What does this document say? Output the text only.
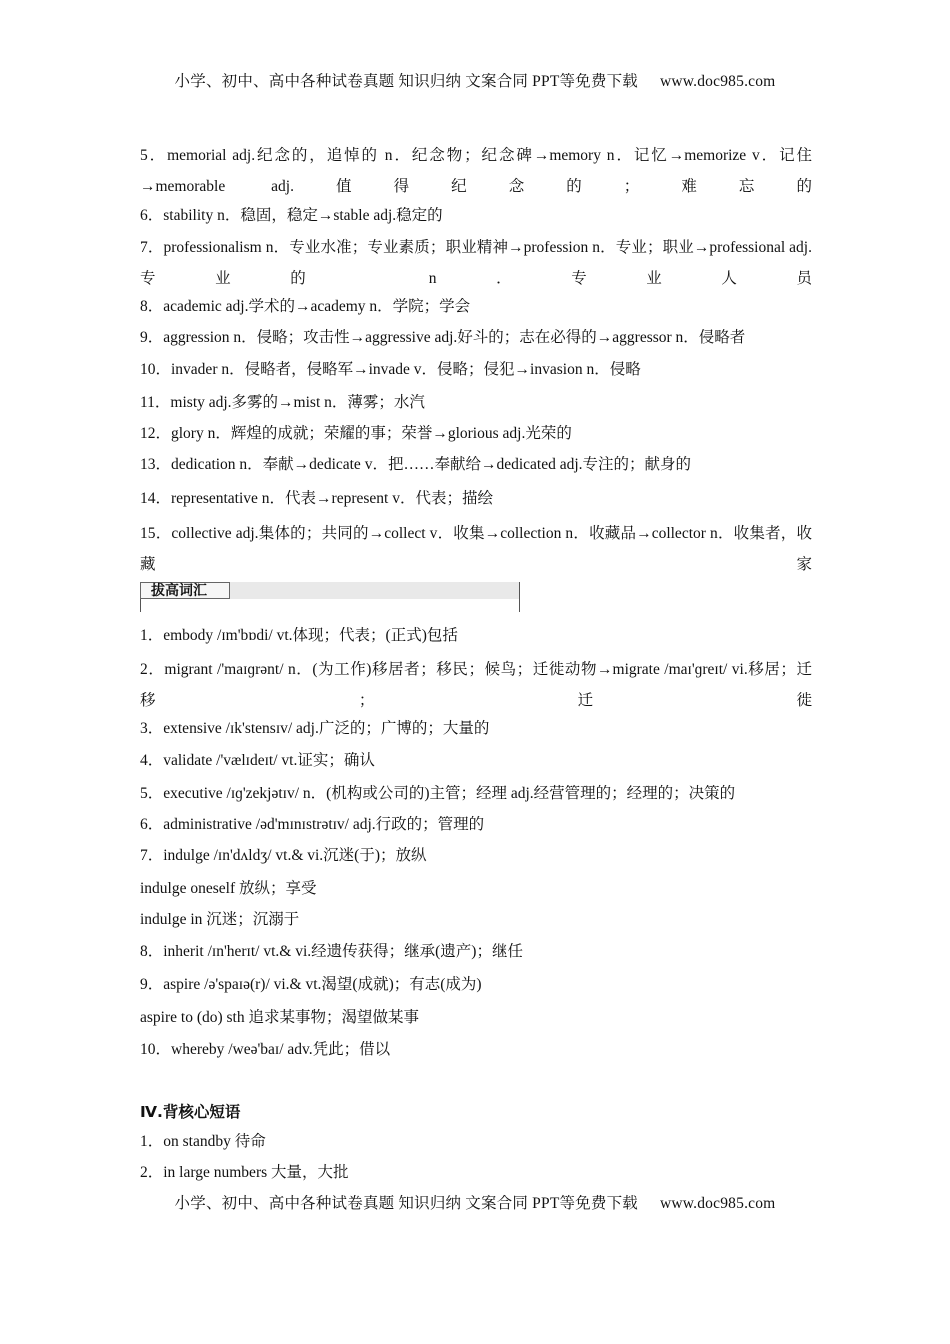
小学、初中、高中各种试卷真题 知识归纳 文案合同 PPT等免费下载 www.doc985.com
5．memorial adj.纪念的，追悼的 n．纪念物；纪念碑→memory n．记忆→memorize v．记住→memorable adj.值得纪念的；难忘的
6．stability n．稳固，稳定→stable adj.稳定的
7．professionalism n．专业水准；专业素质；职业精神→profession n．专业；职业→professional adj.专业的 n．专业人员
8．academic adj.学术的→academy n．学院；学会
9．aggression n．侵略；攻击性→aggressive adj.好斗的；志在必得的→aggressor n．侵略者
10．invader n．侵略者，侵略军→invade v．侵略；侵犯→invasion n．侵略
11．misty adj.多雾的→mist n．薄雾；水汽
12．glory n．辉煌的成就；荣耀的事；荣誉→glorious adj.光荣的
13．dedication n．奉献→dedicate v．把……奉献给→dedicated adj.专注的；献身的
14．representative n．代表→represent v．代表；描绘
15．collective adj.集体的；共同的→collect v．收集→collection n．收藏品→collector n．收集者，收藏家
拔高词汇
1．embody /ɪm'bɒdi/ vt.体现；代表；(正式)包括
2．migrant /'maɪɡrənt/ n．(为工作)移居者；移民；候鸟；迁徙动物→migrate /maɪ'ɡreɪt/ vi.移居；迁移；迁徙
3．extensive /ɪk'stensɪv/ adj.广泛的；广博的；大量的
4．validate /'vælɪdeɪt/ vt.证实；确认
5．executive /ɪɡ'zekjətɪv/ n．(机构或公司的)主管；经理 adj.经营管理的；经理的；决策的
6．administrative /əd'mɪnɪstrətɪv/ adj.行政的；管理的
7．indulge /ɪn'dʌldʒ/ vt.& vi.沉迷(于)；放纵
indulge oneself 放纵；享受
indulge in 沉迷；沉溺于
8．inherit /ɪn'herɪt/ vt.& vi.经遗传获得；继承(遗产)；继任
9．aspire /ə'spaɪə(r)/ vi.& vt.渴望(成就)；有志(成为)
aspire to (do) sth 追求某事物；渴望做某事
10．whereby /weə'baɪ/ adv.凭此；借以
Ⅳ.背核心短语
1．on standby 待命
2．in large numbers 大量，大批
小学、初中、高中各种试卷真题 知识归纳 文案合同 PPT等免费下载 www.doc985.com
